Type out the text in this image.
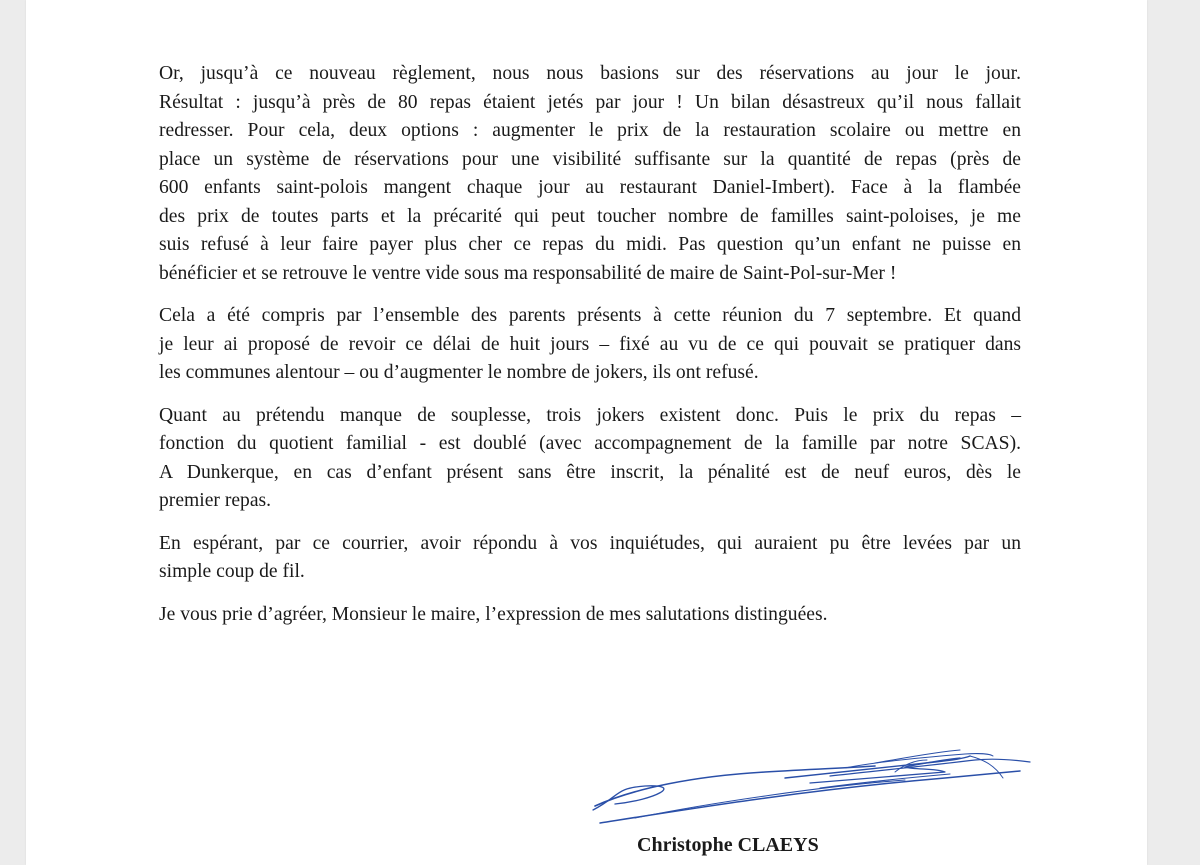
Or, jusqu’à ce nouveau règlement, nous nous basions sur des réservations au jour le jour.
Résultat : jusqu’à près de 80 repas étaient jetés par jour ! Un bilan désastreux qu’il nous fallait
redresser. Pour cela, deux options : augmenter le prix de la restauration scolaire ou mettre en
place un système de réservations pour une visibilité suffisante sur la quantité de repas (près de
600 enfants saint-polois mangent chaque jour au restaurant Daniel-Imbert). Face à la flambée
des prix de toutes parts et la précarité qui peut toucher nombre de familles saint-poloises, je me
suis refusé à leur faire payer plus cher ce repas du midi. Pas question qu’un enfant ne puisse en
bénéficier et se retrouve le ventre vide sous ma responsabilité de maire de Saint-Pol-sur-Mer !

Cela a été compris par l’ensemble des parents présents à cette réunion du 7 septembre. Et quand
je leur ai proposé de revoir ce délai de huit jours – fixé au vu de ce qui pouvait se pratiquer dans
les communes alentour – ou d’augmenter le nombre de jokers, ils ont refusé.

Quant au prétendu manque de souplesse, trois jokers existent donc. Puis le prix du repas –
fonction du quotient familial - est doublé (avec accompagnement de la famille par notre SCAS).
A Dunkerque, en cas d’enfant présent sans être inscrit, la pénalité est de neuf euros, dès le
premier repas.

En espérant, par ce courrier, avoir répondu à vos inquiétudes, qui auraient pu être levées par un
simple coup de fil.

Je vous prie d’agréer, Monsieur le maire, l’expression de mes salutations distinguées.

Christophe CLAEYS
